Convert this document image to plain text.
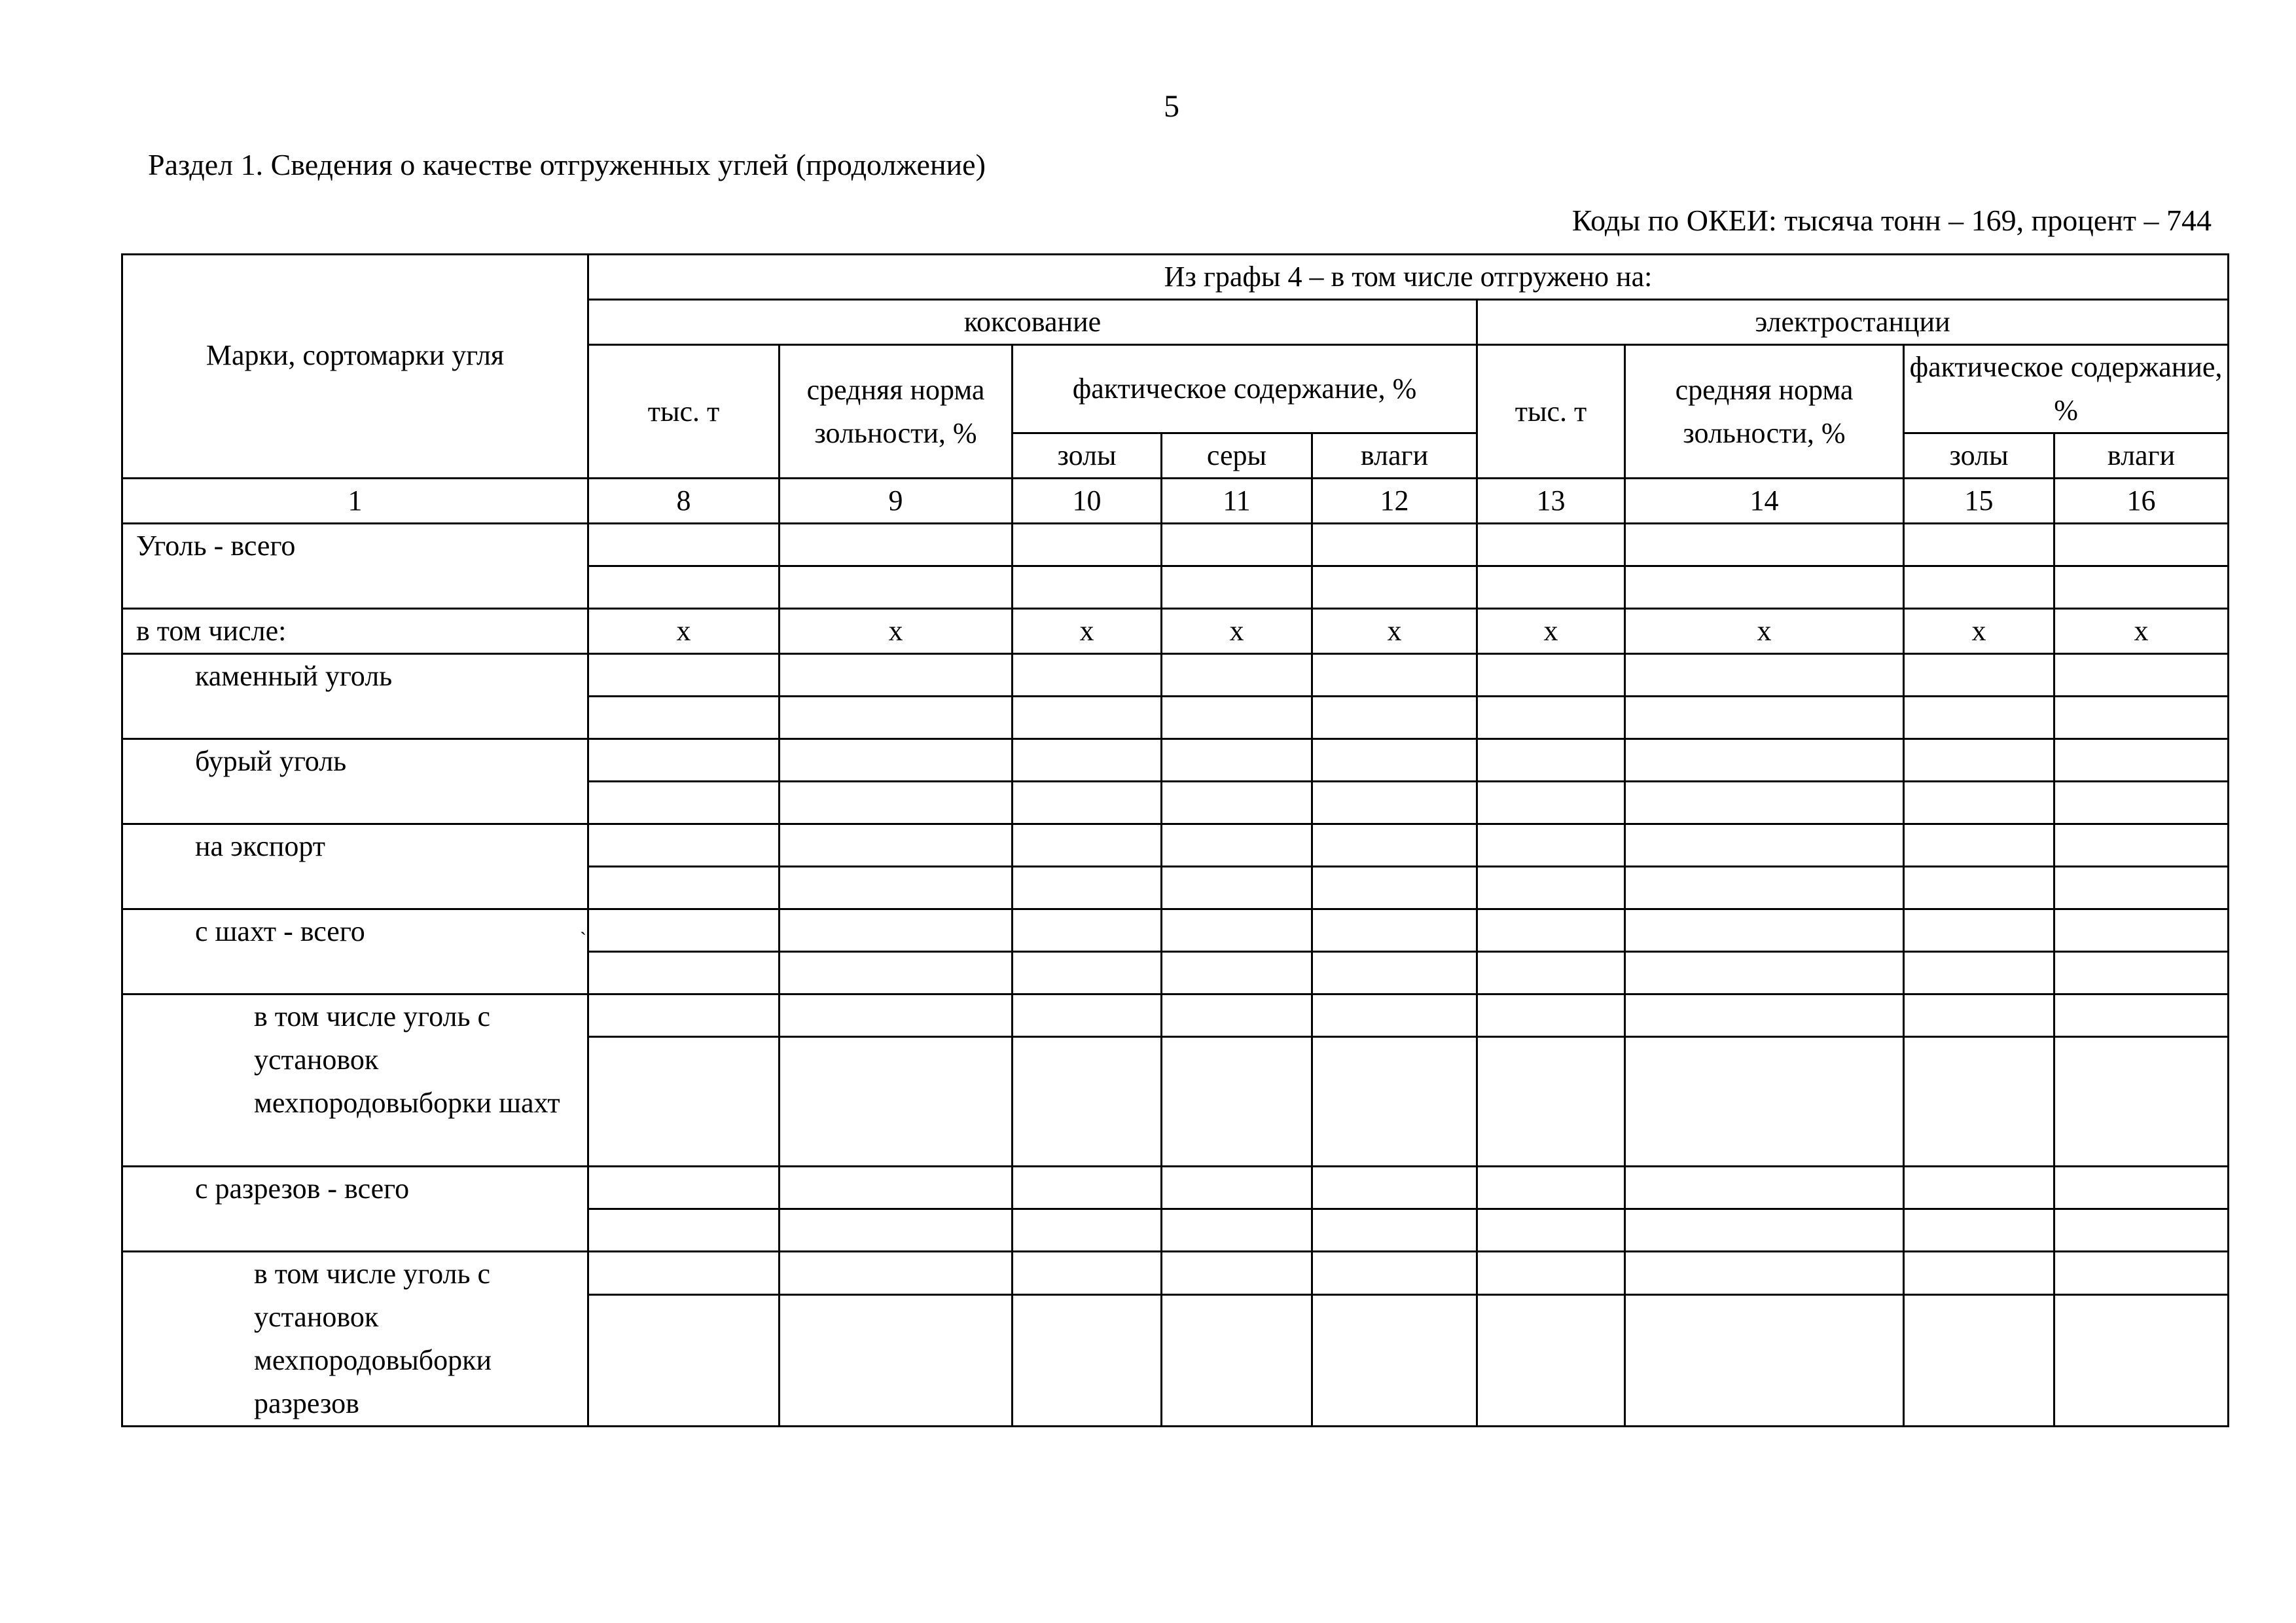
5
Раздел 1. Сведения о качестве отгруженных углей (продолжение)
Коды по ОКЕИ: тысяча тонн – 169, процент – 744
`
Марки, сортомарки угля	Из графы 4 – в том числе отгружено на:								
	коксование					электростанции			
	тыс. т	средняя норма зольности, %	фактическое содержание, %			тыс. т	средняя норма зольности, %	фактическое содержание, %	
			золы	серы	влаги			золы	влаги
1	8	9	10	11	12	13	14	15	16
Уголь - всего									

в том числе:	x	x	x	x	x	x	x	x	x
каменный уголь									

бурый уголь									

на экспорт									

с шахт - всего									

в том числе уголь с установок мехпородовыборки шахт									

с разрезов - всего									

в том числе уголь с установок мехпородовыборки разрезов									
